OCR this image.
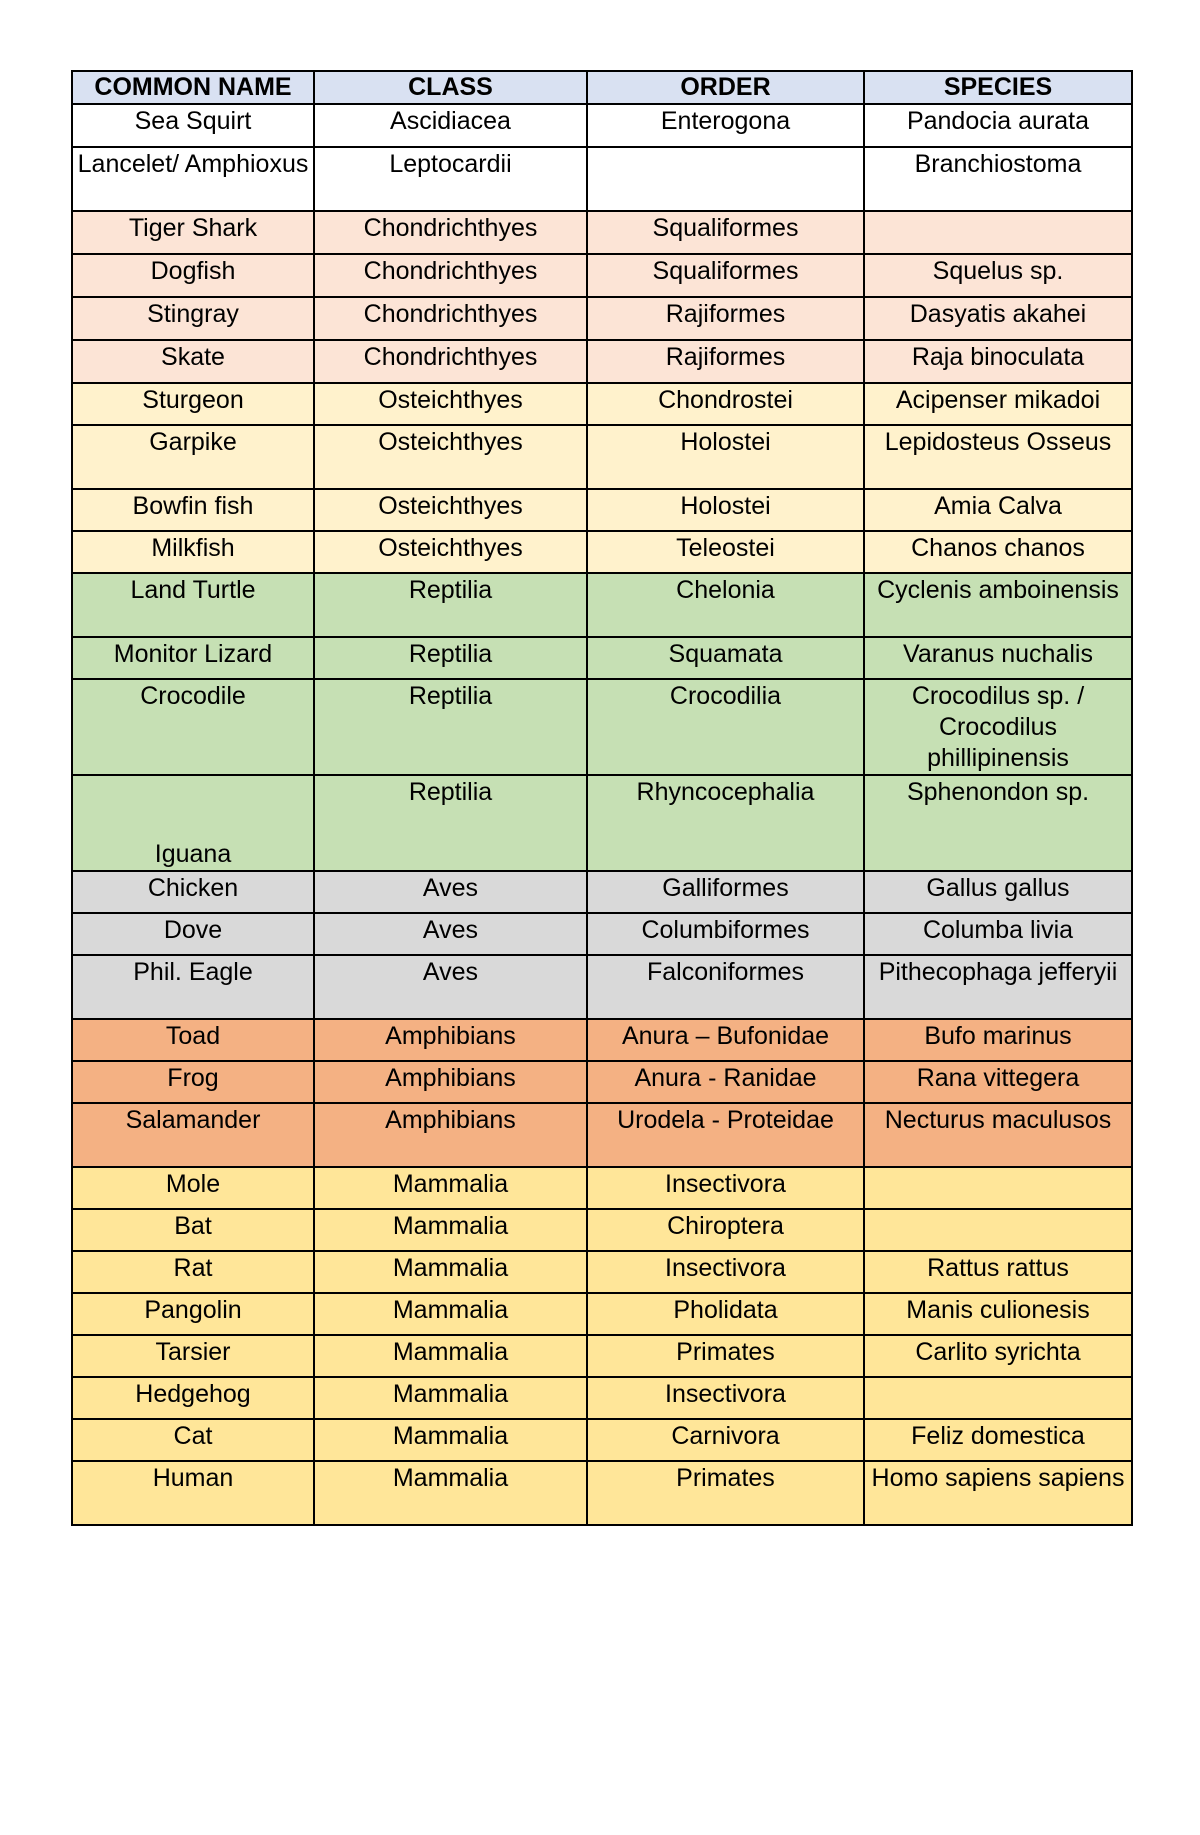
COMMON NAME	CLASS	ORDER	SPECIES
Sea Squirt	Ascidiacea	Enterogona	Pandocia aurata
Lancelet/ Amphioxus	Leptocardii		Branchiostoma
Tiger Shark	Chondrichthyes	Squaliformes	
Dogfish	Chondrichthyes	Squaliformes	Squelus sp.
Stingray	Chondrichthyes	Rajiformes	Dasyatis akahei
Skate	Chondrichthyes	Rajiformes	Raja binoculata
Sturgeon	Osteichthyes	Chondrostei	Acipenser mikadoi
Garpike	Osteichthyes	Holostei	Lepidosteus Osseus
Bowfin fish	Osteichthyes	Holostei	Amia Calva
Milkfish	Osteichthyes	Teleostei	Chanos chanos
Land Turtle	Reptilia	Chelonia	Cyclenis amboinensis
Monitor Lizard	Reptilia	Squamata	Varanus nuchalis
Crocodile	Reptilia	Crocodilia	Crocodilus sp. / Crocodilus phillipinensis
Iguana	Reptilia	Rhyncocephalia	Sphenondon sp.
Chicken	Aves	Galliformes	Gallus gallus
Dove	Aves	Columbiformes	Columba livia
Phil. Eagle	Aves	Falconiformes	Pithecophaga jefferyii
Toad	Amphibians	Anura – Bufonidae	Bufo marinus
Frog	Amphibians	Anura - Ranidae	Rana vittegera
Salamander	Amphibians	Urodela - Proteidae	Necturus maculusos
Mole	Mammalia	Insectivora	
Bat	Mammalia	Chiroptera	
Rat	Mammalia	Insectivora	Rattus rattus
Pangolin	Mammalia	Pholidata	Manis culionesis
Tarsier	Mammalia	Primates	Carlito syrichta
Hedgehog	Mammalia	Insectivora	
Cat	Mammalia	Carnivora	Feliz domestica
Human	Mammalia	Primates	Homo sapiens sapiens
